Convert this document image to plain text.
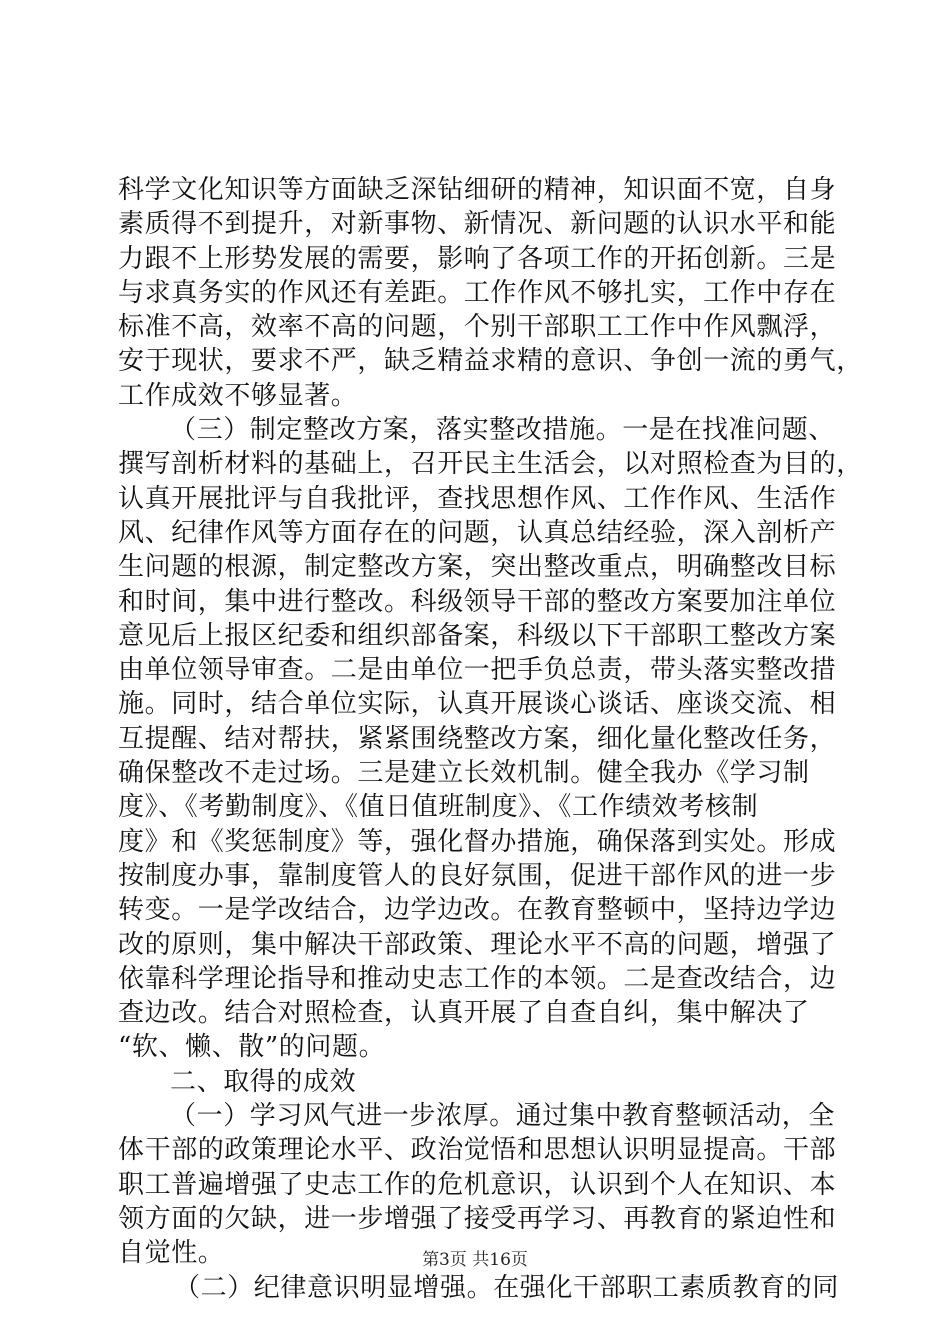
科学文化知识等方面缺乏深钻细研的精神，知识面不宽，自身
素质得不到提升，对新事物、新情况、新问题的认识水平和能
力跟不上形势发展的需要，影响了各项工作的开拓创新。三是
与求真务实的作风还有差距。工作作风不够扎实，工作中存在
标准不高，效率不高的问题，个别干部职工工作中作风飘浮，
安于现状，要求不严，缺乏精益求精的意识、争创一流的勇气，
工作成效不够显著。
（三）制定整改方案，落实整改措施。一是在找准问题、
撰写剖析材料的基础上，召开民主生活会，以对照检查为目的，
认真开展批评与自我批评，查找思想作风、工作作风、生活作
风、纪律作风等方面存在的问题，认真总结经验，深入剖析产
生问题的根源，制定整改方案，突出整改重点，明确整改目标
和时间，集中进行整改。科级领导干部的整改方案要加注单位
意见后上报区纪委和组织部备案，科级以下干部职工整改方案
由单位领导审查。二是由单位一把手负总责，带头落实整改措
施。同时，结合单位实际，认真开展谈心谈话、座谈交流、相
互提醒、结对帮扶，紧紧围绕整改方案，细化量化整改任务，
确保整改不走过场。三是建立长效机制。健全我办《学习制
度》、《考勤制度》、《值日值班制度》、《工作绩效考核制
度》和《奖惩制度》等，强化督办措施，确保落到实处。形成
按制度办事，靠制度管人的良好氛围，促进干部作风的进一步
转变。一是学改结合，边学边改。在教育整顿中，坚持边学边
改的原则，集中解决干部政策、理论水平不高的问题，增强了
依靠科学理论指导和推动史志工作的本领。二是查改结合，边
查边改。结合对照检查，认真开展了自查自纠，集中解决了
“软、懒、散”的问题。
二、取得的成效
（一）学习风气进一步浓厚。通过集中教育整顿活动，全
体干部的政策理论水平、政治觉悟和思想认识明显提高。干部
职工普遍增强了史志工作的危机意识，认识到个人在知识、本
领方面的欠缺，进一步增强了接受再学习、再教育的紧迫性和
自觉性。
（二）纪律意识明显增强。在强化干部职工素质教育的同
第3页 共16页
